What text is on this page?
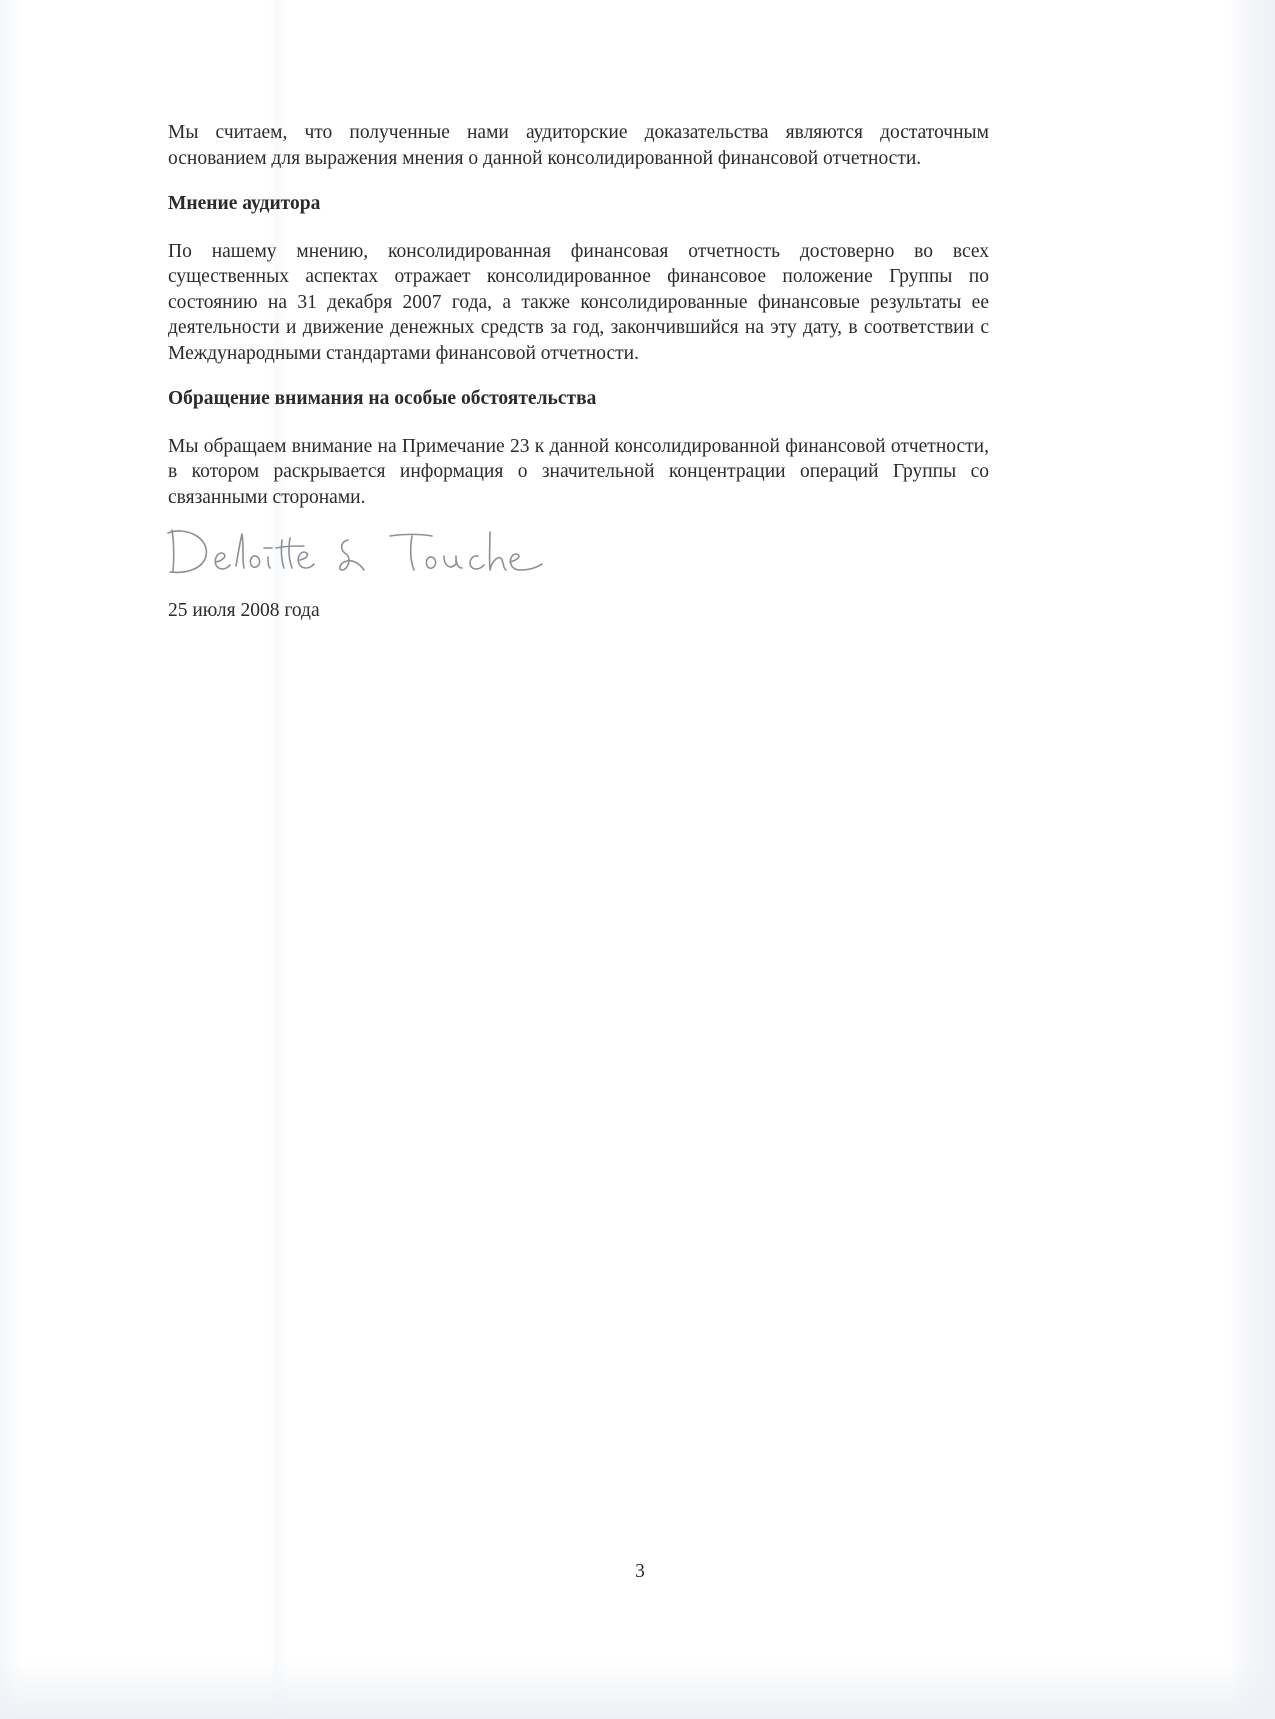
Мы считаем, что полученные нами аудиторские доказательства являются достаточным основанием для выражения мнения о данной консолидированной финансовой отчетности.

Мнение аудитора

По нашему мнению, консолидированная финансовая отчетность достоверно во всех существенных аспектах отражает консолидированное финансовое положение Группы по состоянию на 31 декабря 2007 года, а также консолидированные финансовые результаты ее деятельности и движение денежных средств за год, закончившийся на эту дату, в соответствии с Международными стандартами финансовой отчетности.

Обращение внимания на особые обстоятельства

Мы обращаем внимание на Примечание 23 к данной консолидированной финансовой отчетности, в котором раскрывается информация о значительной концентрации операций Группы со связанными сторонами.

25 июля 2008 года

3
